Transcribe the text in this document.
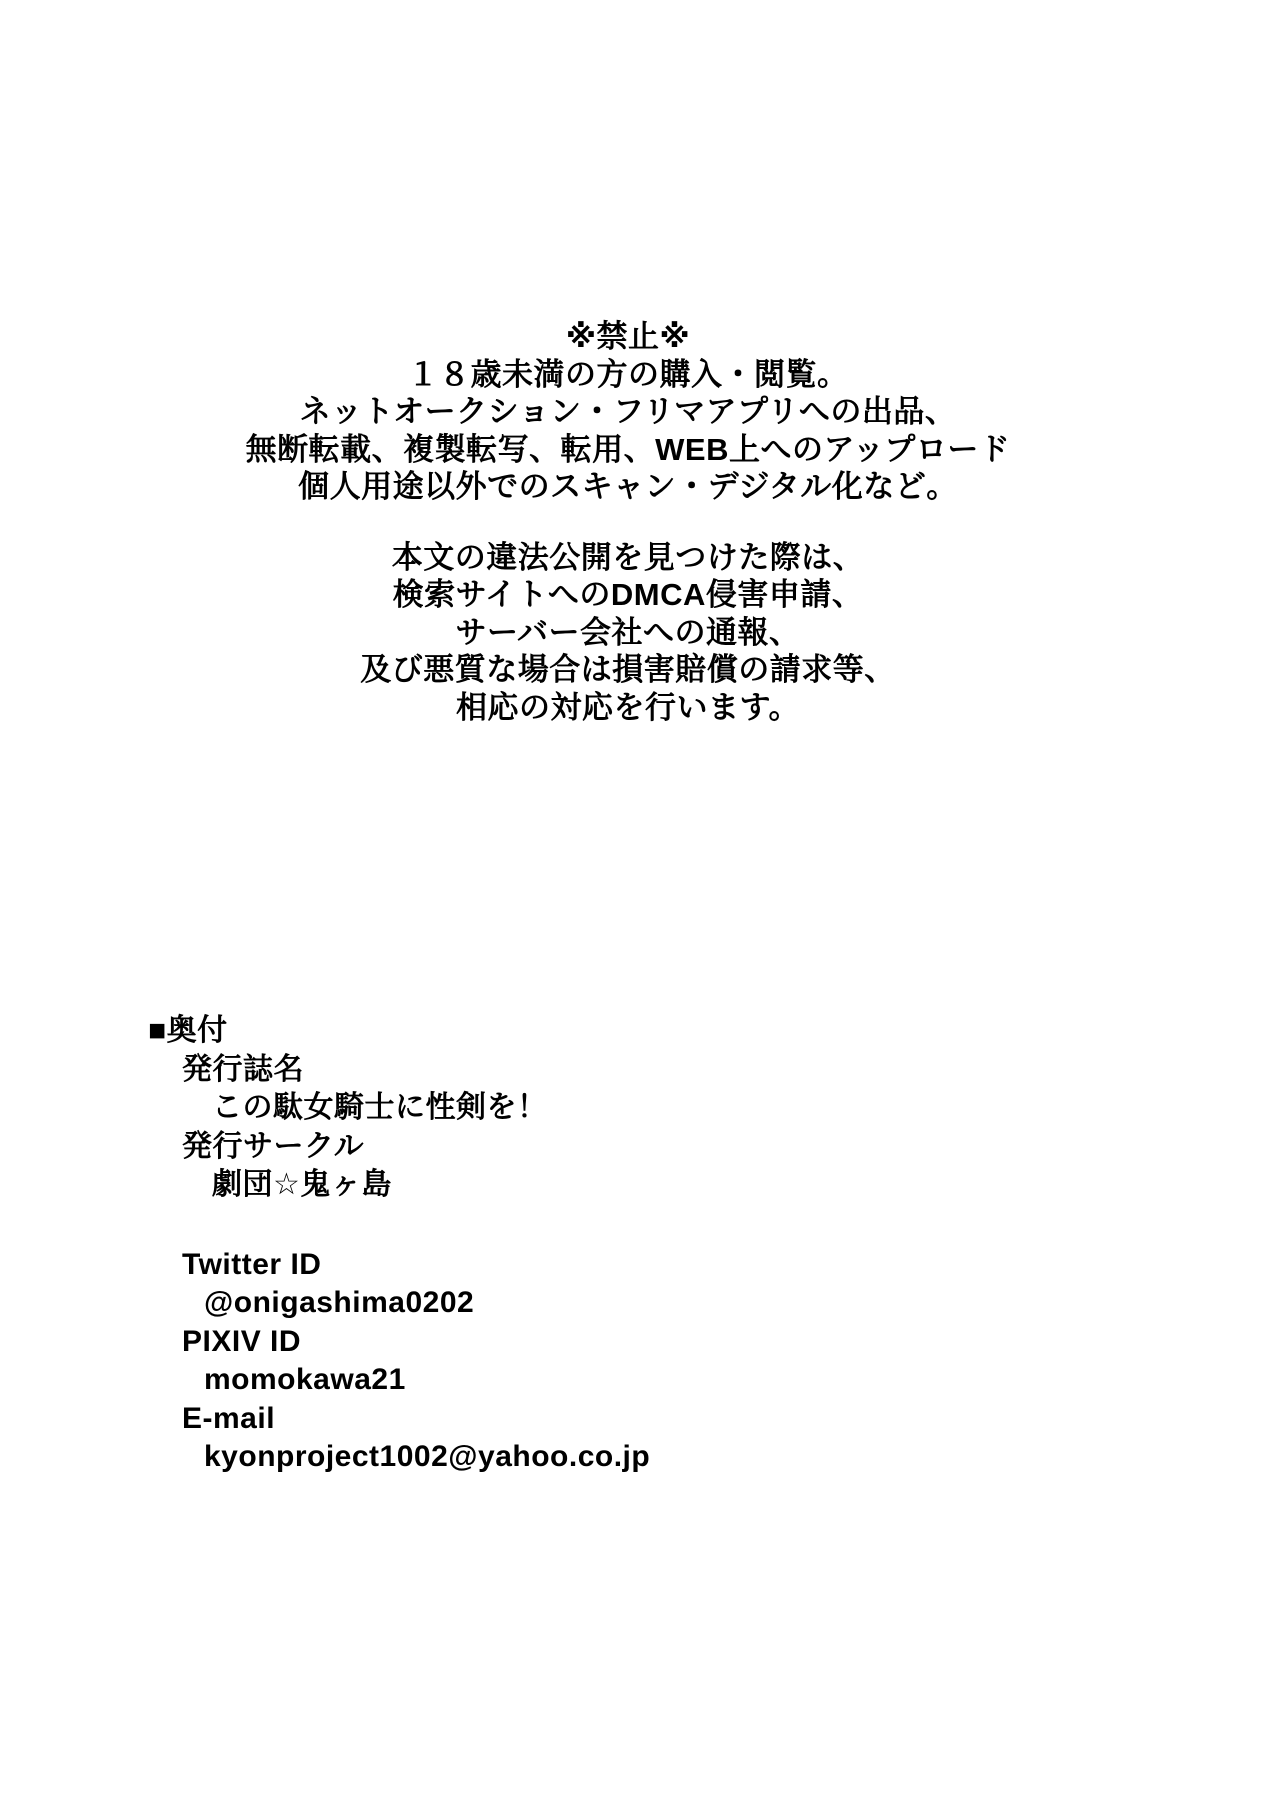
※禁止※
１８歳未満の方の購入・閲覧。
ネットオークション・フリマアプリへの出品、
無断転載、複製転写、転用、WEB上へのアップロード
個人用途以外でのスキャン・デジタル化など。
本文の違法公開を見つけた際は、
検索サイトへのDMCA侵害申請、
サーバー会社への通報、
及び悪質な場合は損害賠償の請求等、
相応の対応を行います。
■奥付
発行誌名
この駄女騎士に性剣を！
発行サークル
劇団☆鬼ヶ島
Twitter ID
@onigashima0202
PIXIV ID
momokawa21
E-mail
kyonproject1002@yahoo.co.jp
